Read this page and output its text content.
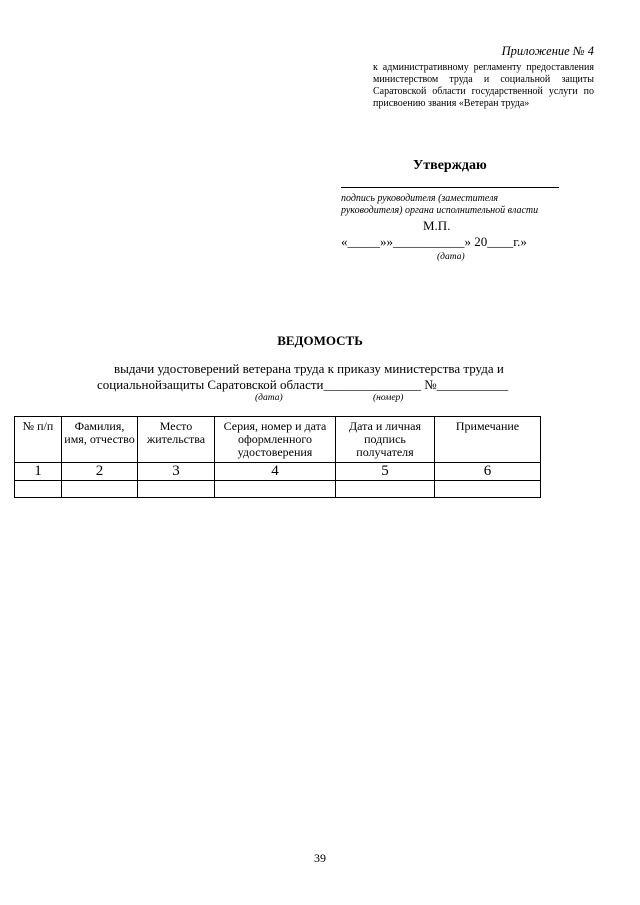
Приложение № 4
к административному регламенту предоставления министерством труда и социальной защиты Саратовской области государственной услуги по присвоению звания «Ветеран труда»
Утверждаю
подпись руководителя (заместителя руководителя) органа исполнительной власти
М.П.
«_____»»___________» 20____г.»
(дата)
ВЕДОМОСТЬ
выдачи удостоверений ветерана труда к приказу министерства труда и
социальнойзащиты Саратовской области_______________ №___________
(дата)	(номер)
№ п/п	Фамилия, имя, отчество	Место жительства	Серия, номер и дата оформленного удостоверения	Дата и личная подпись получателя	Примечание
1	2	3	4	5	6

39
